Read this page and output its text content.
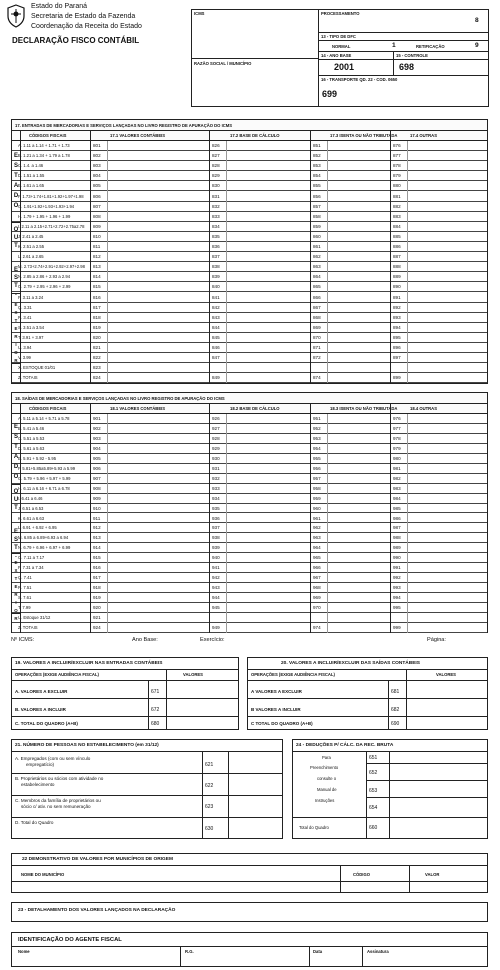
Estado do Paraná
Secretaria de Estado da Fazenda
Coordenação da Receita do Estado
DECLARAÇÃO FISCO CONTÁBIL
ICMS
RAZÃO SOCIAL / MUNICÍPIO
PROCESSAMENTO
8
13 - TIPO DE DFC
NORMAL	1	RETIFICAÇÃO	9
14 - ANO BASE	15 - CONTROLE
2001	698
16 - TRANSPORTE QD. 22 - COD. 0650
699
17. ENTRADAS DE MERCADORIAS E SERVIÇOS LANÇADAS NO LIVRO REGISTRO DE APURAÇÃO DO ICMS
CÓDIGOS FISCAIS	17.1 VALORES CONTÁBEIS	17.2 BASE DE CÁLCULO	17.3 ISENTA OU NÃO TRIBUTADA	17.4 OUTRAS
A. 1.11 a 1.14 + 1.71 + 1.73	801	826	851	876
B. 1.21 a 1.34 + 1.79 a 1.78	802	827	852	877
C. 1.4. a 1.46	803	828	853	878
D. 1.51 a 1.55	804	829	854	879
E. 1.61 a 1.65	805	830	855	880
F. 1.73+1.74+1.81+1.92+1.97+1.98 806	831	856	881
G. 1.91+1.92+1.93+1.93+1.94	807	832	857	882
H. 1.79 + 1.95 + 1.96 + 1.99	808	833	858	883
I. 2.11 a 2.15+2.71+2.72+2.75a2.78 809	834	859	884
J. 2.41 a 2.45	810	835	860	885
K. 2.51 a 2.55	811	836	861	886
L. 2.61 a 2.65	812	837	862	887
M. 2.73+2.74+2.91+2.92+2.97+2.98 813	838	863	888
N. 2.85 a 2.86 + 2.93 a 2.94	814	839	864	889
O. 2.79 + 2.95 + 2.96 + 2.99	815	840	865	890
P. 3.11 a 3.24	816	841	866	891
Q. 3.31	817	842	867	892
R. 3.41	818	843	868	893
S. 3.51 a 3.54	819	844	869	894
T. 3.91 + 3.97	820	845	870	895
U. 3.94	821	846	871	896
V. 3.99	822	847	872	897
X. ESTOQUE 01/01	823
Z. TOTAIS	824	849	874	899
E
S
T
A
D
O
O
U
T

E
S
T
.
E
X
T
E
R
I
O
R
18. SAÍDAS DE MERCADORIAS E SERVIÇOS LANÇADAS NO LIVRO REGISTRO DE APURAÇÃO DO ICMS
CÓDIGOS FISCAIS	18.1 VALORES CONTÁBEIS	18.2 BASE DE CÁLCULO	18.3 ISENTA OU NÃO TRIBUTADA	18.4 OUTRAS
A. 5.11 a 5.14 + 5.71 a 5.78	901	926	951	976
B. 5.41 a 5.46	902	927	952	977
C. 5.51 a 5.53	903	928	953	978
D. 5.61 a 5.63	904	929	954	979
E. 5.91 + 5.92 - 5.95	905	930	955	980
F. 5.81+5.85a5.89+5.93 a 5.99	906	931	956	981
G. 5.79 + 5.96 + 5.97 + 5.99	907	932	957	982
H. 6.11 a 6.16 + 6.71 a 6.78	908	933	958	983
I. 6.41 a 6.46	909	934	959	984
J. 6.51 a 6.53	910	935	960	985
K. 6.61 a 6.63	911	936	961	986
L. 6.91 + 6.92 + 6.95	912	937	962	987
M. 6.85 a 6.89+6.93 a 6.94	913	938	963	988
N. 6.79 + 6.96 + 6.97 + 6.99	914	939	964	989
O. 7.11 a 7.17	915	940	965	990
P. 7.31 a 7.34	916	941	966	991
Q. 7.41	917	942	967	992
R. 7.51	918	943	968	993
S. 7.61	919	944	969	994
T. 7.99	920	945	970	995
U. Estoque 31/12	921
Z. TOTAIS	924	949	974	999
E
S
T
A
D
O
O
U
T

E
S
T
.
E
X
T
E
R
I
O
R
Nº ICMS:	Ano Base:	Exercício:	Página:
19. VALORES A INCLUIR/EXCLUIR NAS ENTRADAS CONTÁBEIS
OPERAÇÕES (EXIGE AUDIÊNCIA FISCAL)	VALORES
A. VALORES A EXCLUIR	671
B. VALORES A INCLUIR	672
C. TOTAL DO QUADRO (A+B)	680
20. VALORES A INCLUIR/EXCLUIR DAS SAÍDAS CONTÁBEIS
OPERAÇÕES (EXIGE AUDIÊNCIA FISCAL)	VALORES
A VALORES A EXCLUIR	681
B VALORES A INCLUIR	682
C TOTAL DO QUADRO (A+B)	690
21. NÚMERO DE PESSOAS NO ESTABELECIMENTO (em 31/12)
A. Empregados (com ou sem vínculo
empregatício)	621
B. Proprietários ou sócios com atividade no
estabelecimento	622
C. Membros da família de proprietários ou
sócio c/ ativ. no sem remuneração	623
D. Total do Quadro
630
24 - DEDUÇÕES P/ CÁLC. DA REC. BRUTA
Para
Preenchimento
consulte o
Manual de
Instruções
651
652
653
654
Total do Quadro	660
22 DEMONSTRATIVO DE VALORES POR MUNICÍPIOS DE ORIGEM
NOME DO MUNICÍPIO	CÓDIGO	VALOR
23 - DETALHAMENTO DOS VALORES LANÇADOS NA DECLARAÇÃO
IDENTIFICAÇÃO DO AGENTE FISCAL
Nome	R.G.	Data	Assinatura
